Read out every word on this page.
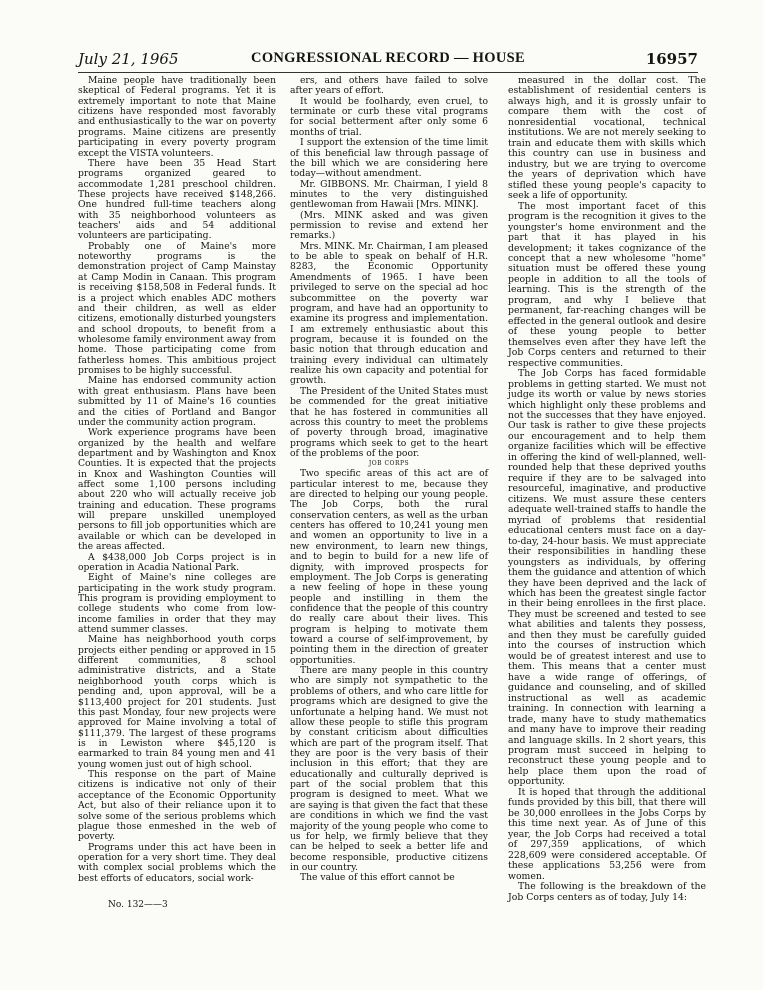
July 21, 1965	CONGRESSIONAL RECORD — HOUSE	16957

Maine people have traditionally been skeptical of Federal programs. Yet it is extremely important to note that Maine citizens have responded most favorably and enthusiastically to the war on poverty programs. Maine citizens are presently participating in every poverty program except the VISTA volunteers.

There have been 35 Head Start programs organized geared to accommodate 1,281 preschool children. These projects have received $148,266. One hundred full-time teachers along with 35 neighborhood volunteers as teachers' aids and 54 additional volunteers are participating.

Probably one of Maine's more noteworthy programs is the demonstration project of Camp Mainstay at Camp Modin in Canaan. This program is receiving $158,508 in Federal funds. It is a project which enables ADC mothers and their children, as well as elder citizens, emotionally disturbed youngsters and school dropouts, to benefit from a wholesome family environment away from home. Those participating come from fatherless homes. This ambitious project promises to be highly successful.

Maine has endorsed community action with great enthusiasm. Plans have been submitted by 11 of Maine's 16 counties and the cities of Portland and Bangor under the community action program.

Work experience programs have been organized by the health and welfare department and by Washington and Knox Counties. It is expected that the projects in Knox and Washington Counties will affect some 1,100 persons including about 220 who will actually receive job training and education. These programs will prepare unskilled unemployed persons to fill job opportunities which are available or which can be developed in the areas affected.

A $438,000 Job Corps project is in operation in Acadia National Park.

Eight of Maine's nine colleges are participating in the work study program. This program is providing employment to college students who come from low-income families in order that they may attend summer classes.

Maine has neighborhood youth corps projects either pending or approved in 15 different communities, 8 school administrative districts, and a State neighborhood youth corps which is pending and, upon approval, will be a $113,400 project for 201 students. Just this past Monday, four new projects were approved for Maine involving a total of $111,379. The largest of these programs is in Lewiston where $45,120 is earmarked to train 84 young men and 41 young women just out of high school.

This response on the part of Maine citizens is indicative not only of their acceptance of the Economic Opportunity Act, but also of their reliance upon it to solve some of the serious problems which plague those enmeshed in the web of poverty.

Programs under this act have been in operation for a very short time. They deal with complex social problems which the best efforts of educators, social work-

ers, and others have failed to solve after years of effort.

It would be foolhardy, even cruel, to terminate or curb these vital programs for social betterment after only some 6 months of trial.

I support the extension of the time limit of this beneficial law through passage of the bill which we are considering here today—without amendment.

Mr. GIBBONS. Mr. Chairman, I yield 8 minutes to the very distinguished gentlewoman from Hawaii [Mrs. MINK].

(Mrs. MINK asked and was given permission to revise and extend her remarks.)

Mrs. MINK. Mr. Chairman, I am pleased to be able to speak on behalf of H.R. 8283, the Economic Opportunity Amendments of 1965. I have been privileged to serve on the special ad hoc subcommittee on the poverty war program, and have had an opportunity to examine its progress and implementation. I am extremely enthusiastic about this program, because it is founded on the basic notion that through education and training every individual can ultimately realize his own capacity and potential for growth.

The President of the United States must be commended for the great initiative that he has fostered in communities all across this country to meet the problems of poverty through broad, imaginative programs which seek to get to the heart of the problems of the poor.

JOB CORPS

Two specific areas of this act are of particular interest to me, because they are directed to helping our young people. The Job Corps, both the rural conservation centers, as well as the urban centers has offered to 10,241 young men and women an opportunity to live in a new environment, to learn new things, and to begin to build for a new life of dignity, with improved prospects for employment. The Job Corps is generating a new feeling of hope in these young people and instilling in them the confidence that the people of this country do really care about their lives. This program is helping to motivate them toward a course of self-improvement, by pointing them in the direction of greater opportunities.

There are many people in this country who are simply not sympathetic to the problems of others, and who care little for programs which are designed to give the unfortunate a helping hand. We must not allow these people to stifle this program by constant criticism about difficulties which are part of the program itself. That they are poor is the very basis of their inclusion in this effort; that they are educationally and culturally deprived is part of the social problem that this program is designed to meet. What we are saying is that given the fact that these are conditions in which we find the vast majority of the young people who come to us for help, we firmly believe that they can be helped to seek a better life and become responsible, productive citizens in our country.

The value of this effort cannot be

measured in the dollar cost. The establishment of residential centers is always high, and it is grossly unfair to compare them with the cost of nonresidential vocational, technical institutions. We are not merely seeking to train and educate them with skills which this country can use in business and industry, but we are trying to overcome the years of deprivation which have stifled these young people's capacity to seek a life of opportunity.

The most important facet of this program is the recognition it gives to the youngster's home environment and the part that it has played in his development; it takes cognizance of the concept that a new wholesome "home" situation must be offered these young people in addition to all the tools of learning. This is the strength of the program, and why I believe that permanent, far-reaching changes will be effected in the general outlook and desire of these young people to better themselves even after they have left the Job Corps centers and returned to their respective communities.

The Job Corps has faced formidable problems in getting started. We must not judge its worth or value by news stories which highlight only these problems and not the successes that they have enjoyed. Our task is rather to give these projects our encouragement and to help them organize facilities which will be effective in offering the kind of well-planned, well-rounded help that these deprived youths require if they are to be salvaged into resourceful, imaginative, and productive citizens. We must assure these centers adequate well-trained staffs to handle the myriad of problems that residential educational centers must face on a day-to-day, 24-hour basis. We must appreciate their responsibilities in handling these youngsters as individuals, by offering them the guidance and attention of which they have been deprived and the lack of which has been the greatest single factor in their being enrollees in the first place. They must be screened and tested to see what abilities and talents they possess, and then they must be carefully guided into the courses of instruction which would be of greatest interest and use to them. This means that a center must have a wide range of offerings, of guidance and counseling, and of skilled instructional as well as academic training. In connection with learning a trade, many have to study mathematics and many have to improve their reading and language skills. In 2 short years, this program must succeed in helping to reconstruct these young people and to help place them upon the road of opportunity.

It is hoped that through the additional funds provided by this bill, that there will be 30,000 enrollees in the Jobs Corps by this time next year. As of June of this year, the Job Corps had received a total of 297,359 applications, of which 228,609 were considered acceptable. Of these applications 53,256 were from women.

The following is the breakdown of the Job Corps centers as of today, July 14:

No. 132——3
